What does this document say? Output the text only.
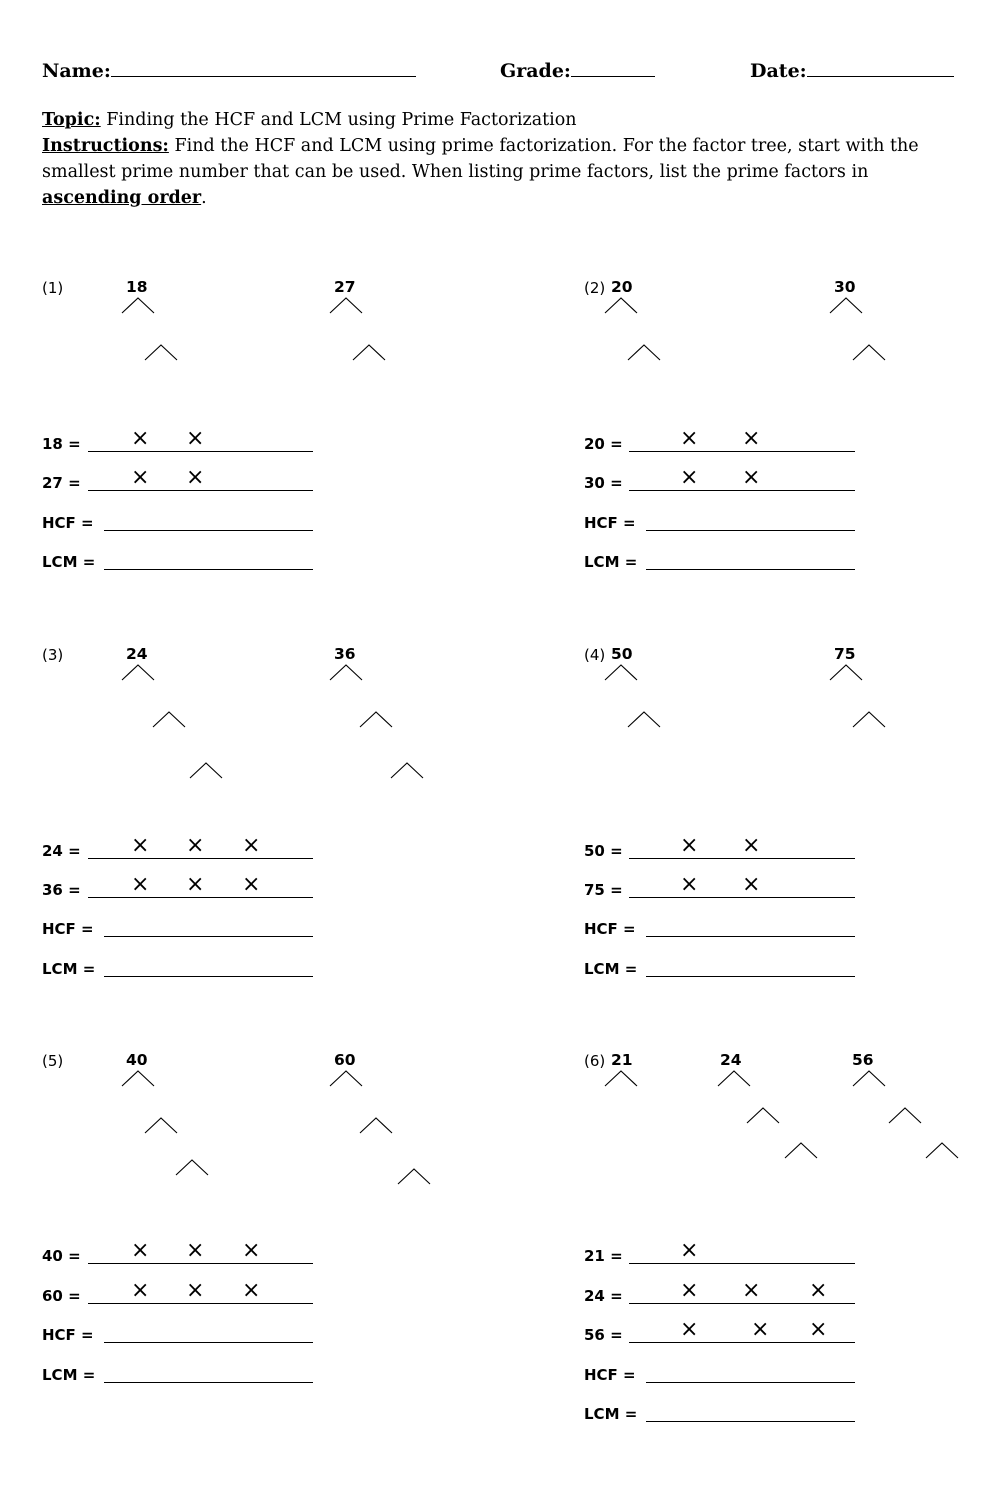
Name:	Grade:	Date:
Topic: Finding the HCF and LCM using Prime Factorization
Instructions: Find the HCF and LCM using prime factorization. For the factor tree, start with the smallest prime number that can be used. When listing prime factors, list the prime factors in ascending order.
(1)	18	27	(2) 20	30
(3)	24	36	(4) 50	75
(5)	40	60	(6) 21	24	56
18 = × ×
27 = × ×
HCF =
LCM =
20 =	× ×
30 =	× ×
HCF =
LCM =
24 = × × ×
36 = × × ×
HCF =
LCM =
50 =	× ×
75 =	× ×
HCF =
LCM =
40 = × × ×
60 = × × ×
HCF =
LCM =
21 =	×
24 =	× × ×
56 =	× × ×
HCF =
LCM =
